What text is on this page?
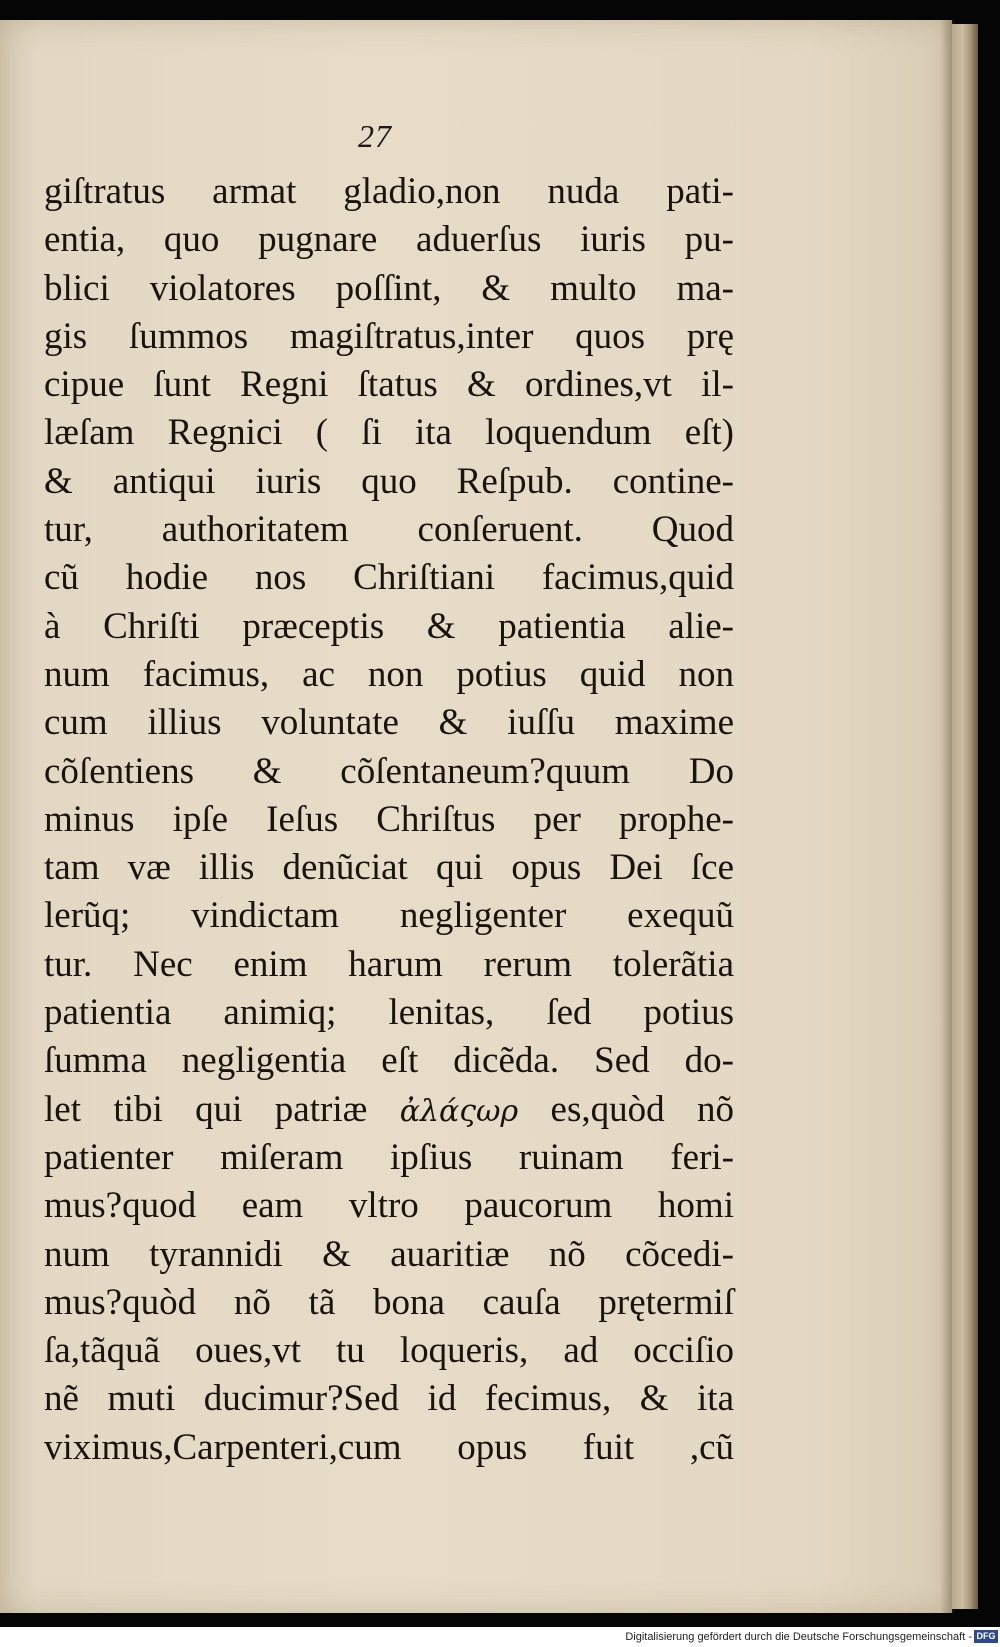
27
giſtratus armat gladio,non nuda pati-
entia, quo pugnare aduerſus iuris pu-
blici violatores poſſint, & multo ma-
gis ſummos magiſtratus,inter quos prę
cipue ſunt Regni ſtatus & ordines,vt il-
læſam Regnici ( ſi ita loquendum eſt)
& antiqui iuris quo Reſpub. contine-
tur, authoritatem conſeruent. Quod
cũ hodie nos Chriſtiani facimus,quid
à Chriſti præceptis & patientia alie-
num facimus, ac non potius quid non
cum illius voluntate & iuſſu maxime
cõſentiens & cõſentaneum?quum Do
minus ipſe Ieſus Chriſtus per prophe-
tam væ illis denũciat qui opus Dei ſce
lerũq; vindictam negligenter exequũ
tur. Nec enim harum rerum tolerãtia
patientia animiq; lenitas, ſed potius
ſumma negligentia eſt dicẽda. Sed do-
let tibi qui patriæ ἀλάςωρ es,quòd nõ
patienter miſeram ipſius ruinam feri-
mus?quod eam vltro paucorum homi
num tyrannidi & auaritiæ nõ cõcedi-
mus?quòd nõ tã bona cauſa prętermiſ
ſa,tãquã oues,vt tu loqueris, ad occiſio
nẽ muti ducimur?Sed id fecimus, & ita
viximus,Carpenteri,cum opus fuit ,cũ
Digitalisierung gefördert durch die Deutsche Forschungsgemeinschaft - DFG
